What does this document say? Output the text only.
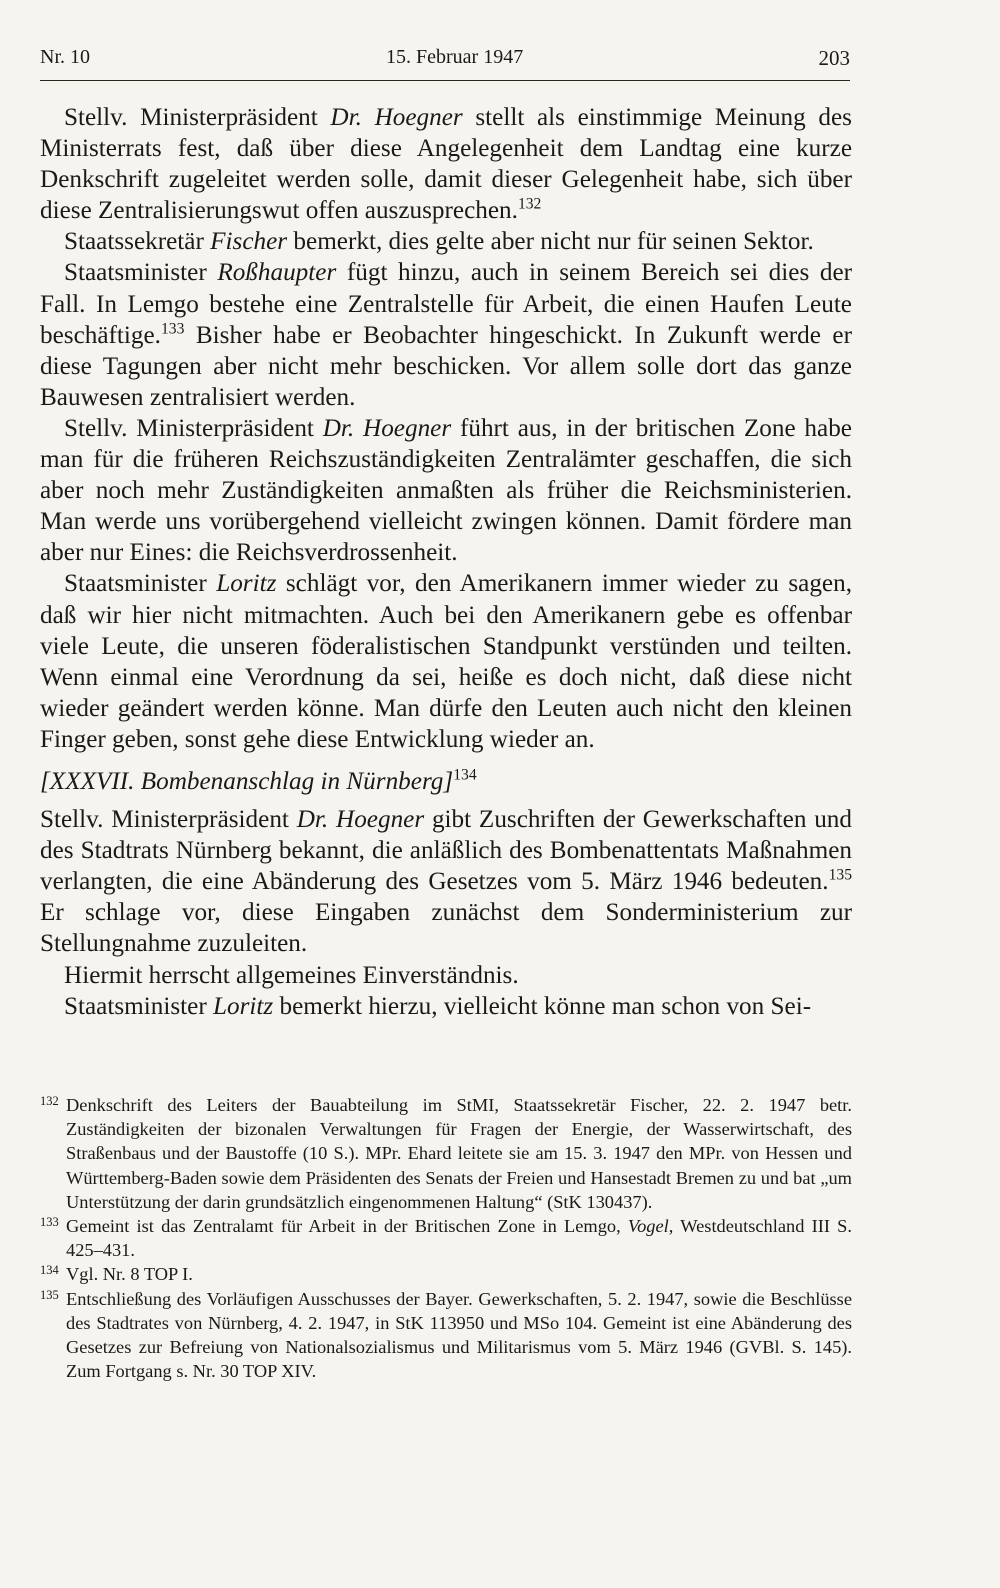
Nr. 10	15. Februar 1947	203

Stellv. Ministerpräsident Dr. Hoegner stellt als einstimmige Meinung des Ministerrats fest, daß über diese Angelegenheit dem Landtag eine kurze Denkschrift zugeleitet werden solle, damit dieser Gelegenheit habe, sich über diese Zentralisierungswut offen auszusprechen.$^{132}$

Staatssekretär Fischer bemerkt, dies gelte aber nicht nur für seinen Sektor.

Staatsminister Roßhaupter fügt hinzu, auch in seinem Bereich sei dies der Fall. In Lemgo bestehe eine Zentralstelle für Arbeit, die einen Haufen Leute beschäftige.$^{133}$ Bisher habe er Beobachter hingeschickt. In Zukunft werde er diese Tagungen aber nicht mehr beschicken. Vor allem solle dort das ganze Bauwesen zentralisiert werden.

Stellv. Ministerpräsident Dr. Hoegner führt aus, in der britischen Zone habe man für die früheren Reichszuständigkeiten Zentralämter geschaffen, die sich aber noch mehr Zuständigkeiten anmaßten als früher die Reichsministerien. Man werde uns vorübergehend vielleicht zwingen können. Damit fördere man aber nur Eines: die Reichsverdrossenheit.

Staatsminister Loritz schlägt vor, den Amerikanern immer wieder zu sagen, daß wir hier nicht mitmachten. Auch bei den Amerikanern gebe es offenbar viele Leute, die unseren föderalistischen Standpunkt verstünden und teilten. Wenn einmal eine Verordnung da sei, heiße es doch nicht, daß diese nicht wieder geändert werden könne. Man dürfe den Leuten auch nicht den kleinen Finger geben, sonst gehe diese Entwicklung wieder an.

[XXXVII. Bombenanschlag in Nürnberg]$^{134}$

Stellv. Ministerpräsident Dr. Hoegner gibt Zuschriften der Gewerkschaften und des Stadtrats Nürnberg bekannt, die anläßlich des Bombenattentats Maßnahmen verlangten, die eine Abänderung des Gesetzes vom 5. März 1946 bedeuten.$^{135}$ Er schlage vor, diese Eingaben zunächst dem Sonderministerium zur Stellungnahme zuzuleiten.

Hiermit herrscht allgemeines Einverständnis.

Staatsminister Loritz bemerkt hierzu, vielleicht könne man schon von Sei-

132 Denkschrift des Leiters der Bauabteilung im StMI, Staatssekretär Fischer, 22. 2. 1947 betr. Zuständigkeiten der bizonalen Verwaltungen für Fragen der Energie, der Wasserwirtschaft, des Straßenbaus und der Baustoffe (10 S.). MPr. Ehard leitete sie am 15. 3. 1947 den MPr. von Hessen und Württemberg-Baden sowie dem Präsidenten des Senats der Freien und Hansestadt Bremen zu und bat „um Unterstützung der darin grundsätzlich eingenommenen Haltung“ (StK 130437).

133 Gemeint ist das Zentralamt für Arbeit in der Britischen Zone in Lemgo, Vogel, Westdeutschland III S. 425–431.

134 Vgl. Nr. 8 TOP I.

135 Entschließung des Vorläufigen Ausschusses der Bayer. Gewerkschaften, 5. 2. 1947, sowie die Beschlüsse des Stadtrates von Nürnberg, 4. 2. 1947, in StK 113950 und MSo 104. Gemeint ist eine Abänderung des Gesetzes zur Befreiung von Nationalsozialismus und Militarismus vom 5. März 1946 (GVBl. S. 145). Zum Fortgang s. Nr. 30 TOP XIV.
